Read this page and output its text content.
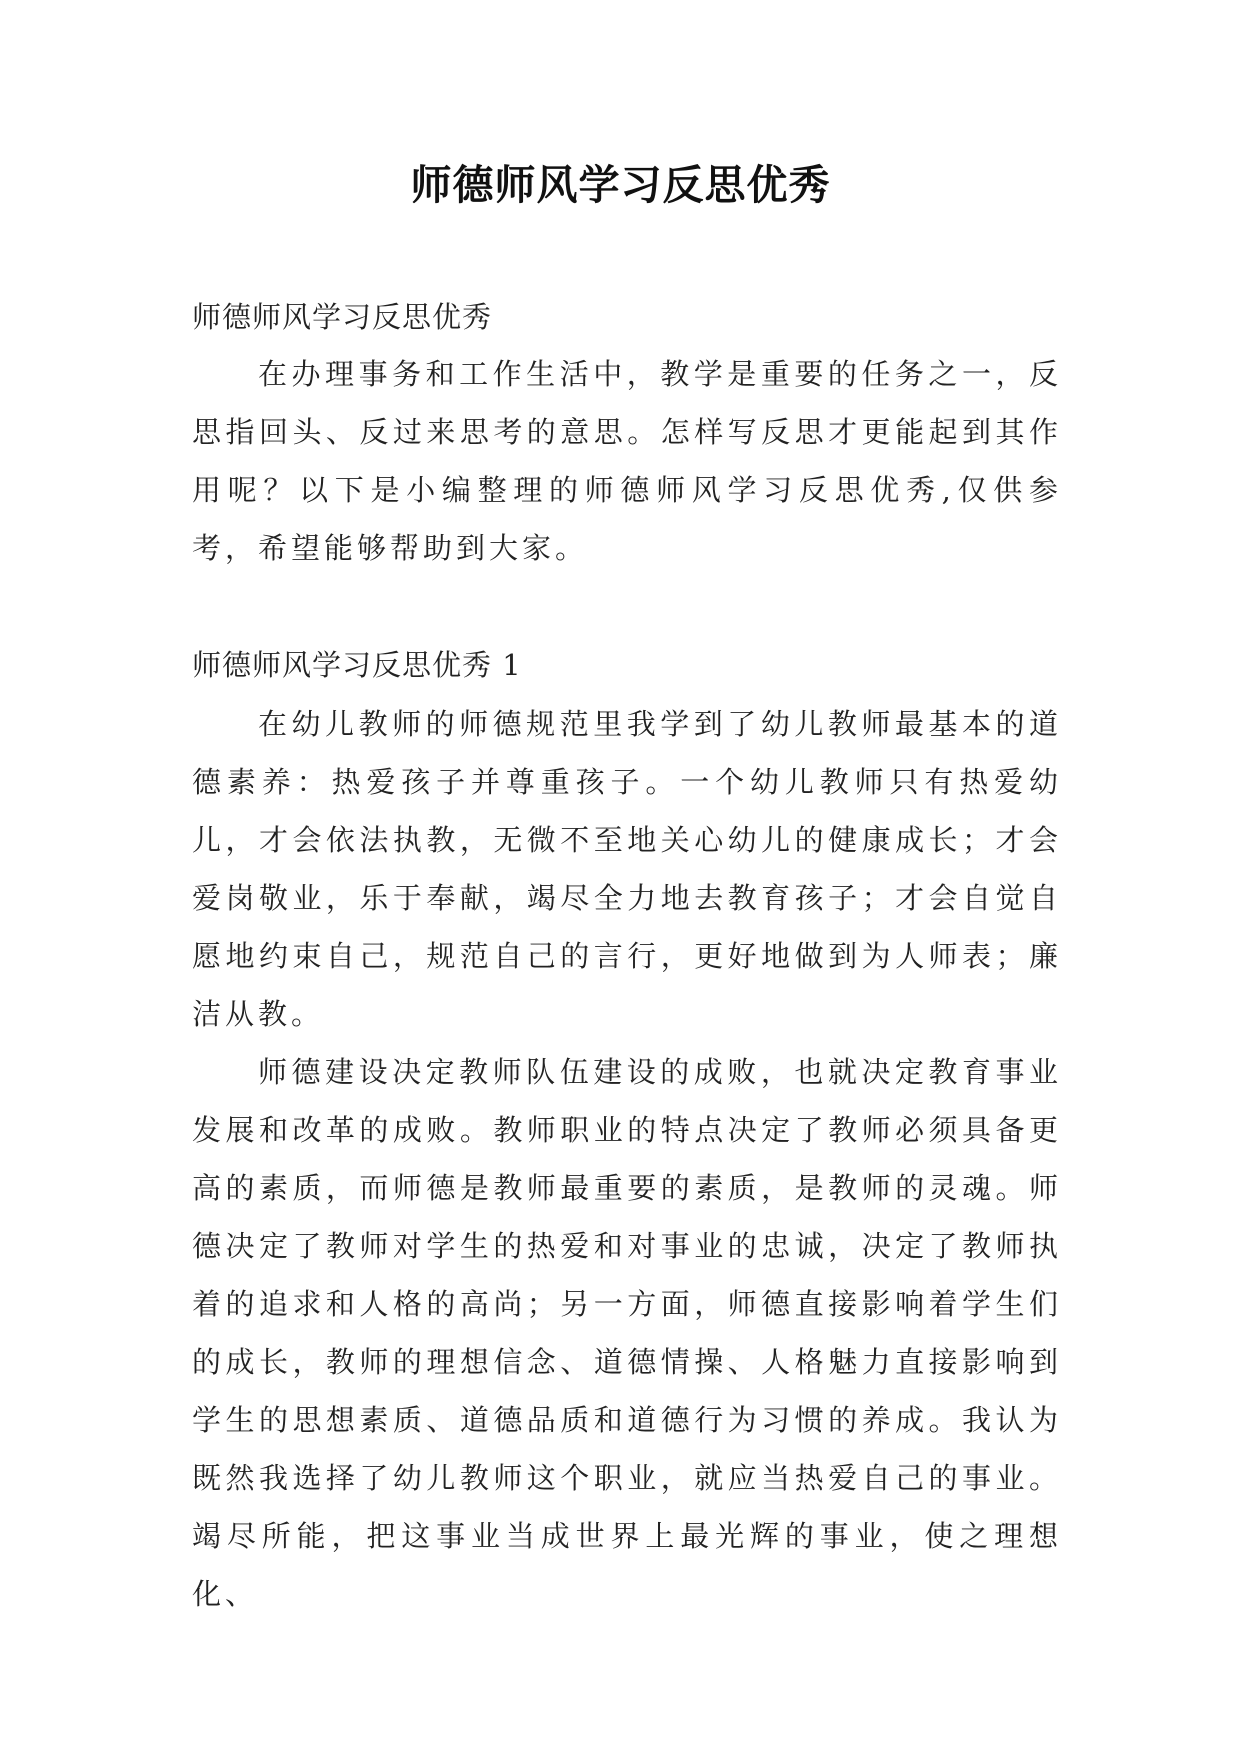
师德师风学习反思优秀

师德师风学习反思优秀

在办理事务和工作生活中，教学是重要的任务之一，反思指回头、反过来思考的意思。怎样写反思才更能起到其作用呢？以下是小编整理的师德师风学习反思优秀,仅供参考，希望能够帮助到大家。

师德师风学习反思优秀 1

在幼儿教师的师德规范里我学到了幼儿教师最基本的道德素养：热爱孩子并尊重孩子。一个幼儿教师只有热爱幼儿，才会依法执教，无微不至地关心幼儿的健康成长；才会爱岗敬业，乐于奉献，竭尽全力地去教育孩子；才会自觉自愿地约束自己，规范自己的言行，更好地做到为人师表；廉洁从教。

师德建设决定教师队伍建设的成败，也就决定教育事业发展和改革的成败。教师职业的特点决定了教师必须具备更高的素质，而师德是教师最重要的素质，是教师的灵魂。师德决定了教师对学生的热爱和对事业的忠诚，决定了教师执着的追求和人格的高尚；另一方面，师德直接影响着学生们的成长，教师的理想信念、道德情操、人格魅力直接影响到学生的思想素质、道德品质和道德行为习惯的养成。我认为既然我选择了幼儿教师这个职业，就应当热爱自己的事业。竭尽所能，把这事业当成世界上最光辉的事业，使之理想化、
